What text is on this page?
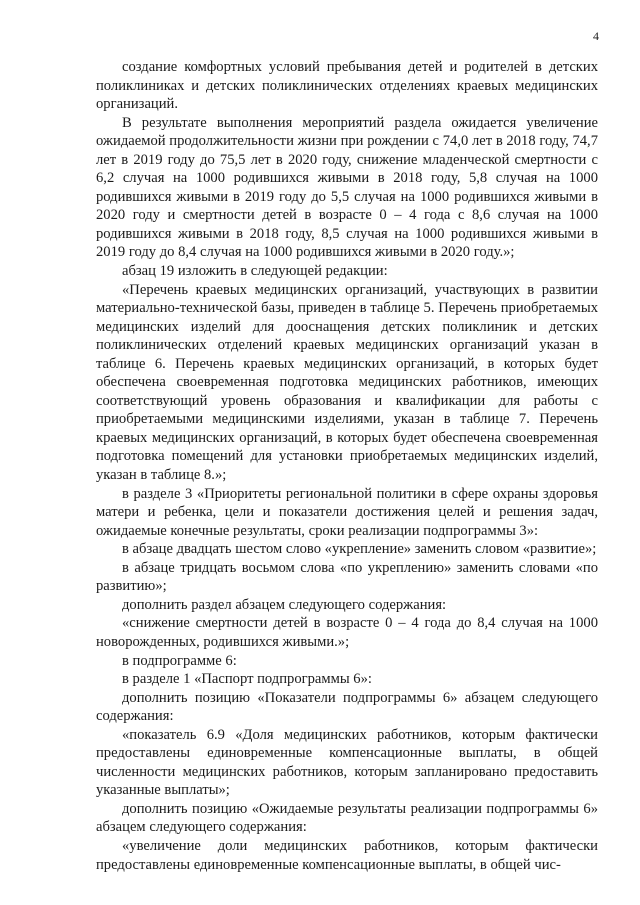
4

создание комфортных условий пребывания детей и родителей в детских поликлиниках и детских поликлинических отделениях краевых медицинских организаций.

В результате выполнения мероприятий раздела ожидается увеличение ожидаемой продолжительности жизни при рождении с 74,0 лет в 2018 году, 74,7 лет в 2019 году до 75,5 лет в 2020 году, снижение младенческой смертности с 6,2 случая на 1000 родившихся живыми в 2018 году, 5,8 случая на 1000 родившихся живыми в 2019 году до 5,5 случая на 1000 родившихся живыми в 2020 году и смертности детей в возрасте 0 – 4 года с 8,6 случая на 1000 родившихся живыми в 2018 году, 8,5 случая на 1000 родившихся живыми в 2019 году до 8,4 случая на 1000 родившихся живыми в 2020 году.»;

абзац 19 изложить в следующей редакции:

«Перечень краевых медицинских организаций, участвующих в развитии материально-технической базы, приведен в таблице 5. Перечень приобретаемых медицинских изделий для дооснащения детских поликлиник и детских поликлинических отделений краевых медицинских организаций указан в таблице 6. Перечень краевых медицинских организаций, в которых будет обеспечена своевременная подготовка медицинских работников, имеющих соответствующий уровень образования и квалификации для работы с приобретаемыми медицинскими изделиями, указан в таблице 7. Перечень краевых медицинских организаций, в которых будет обеспечена своевременная подготовка помещений для установки приобретаемых медицинских изделий, указан в таблице 8.»;

в разделе 3 «Приоритеты региональной политики в сфере охраны здоровья матери и ребенка, цели и показатели достижения целей и решения задач, ожидаемые конечные результаты, сроки реализации подпрограммы 3»:

в абзаце двадцать шестом слово «укрепление» заменить словом «развитие»;

в абзаце тридцать восьмом слова «по укреплению» заменить словами «по развитию»;

дополнить раздел абзацем следующего содержания:

«снижение смертности детей в возрасте 0 – 4 года до 8,4 случая на 1000 новорожденных, родившихся живыми.»;

в подпрограмме 6:

в разделе 1 «Паспорт подпрограммы 6»:

дополнить позицию «Показатели подпрограммы 6» абзацем следующего содержания:

«показатель 6.9 «Доля медицинских работников, которым фактически предоставлены единовременные компенсационные выплаты, в общей численности медицинских работников, которым запланировано предоставить указанные выплаты»;

дополнить позицию «Ожидаемые результаты реализации подпрограммы 6» абзацем следующего содержания:

«увеличение доли медицинских работников, которым фактически предоставлены единовременные компенсационные выплаты, в общей чис-
